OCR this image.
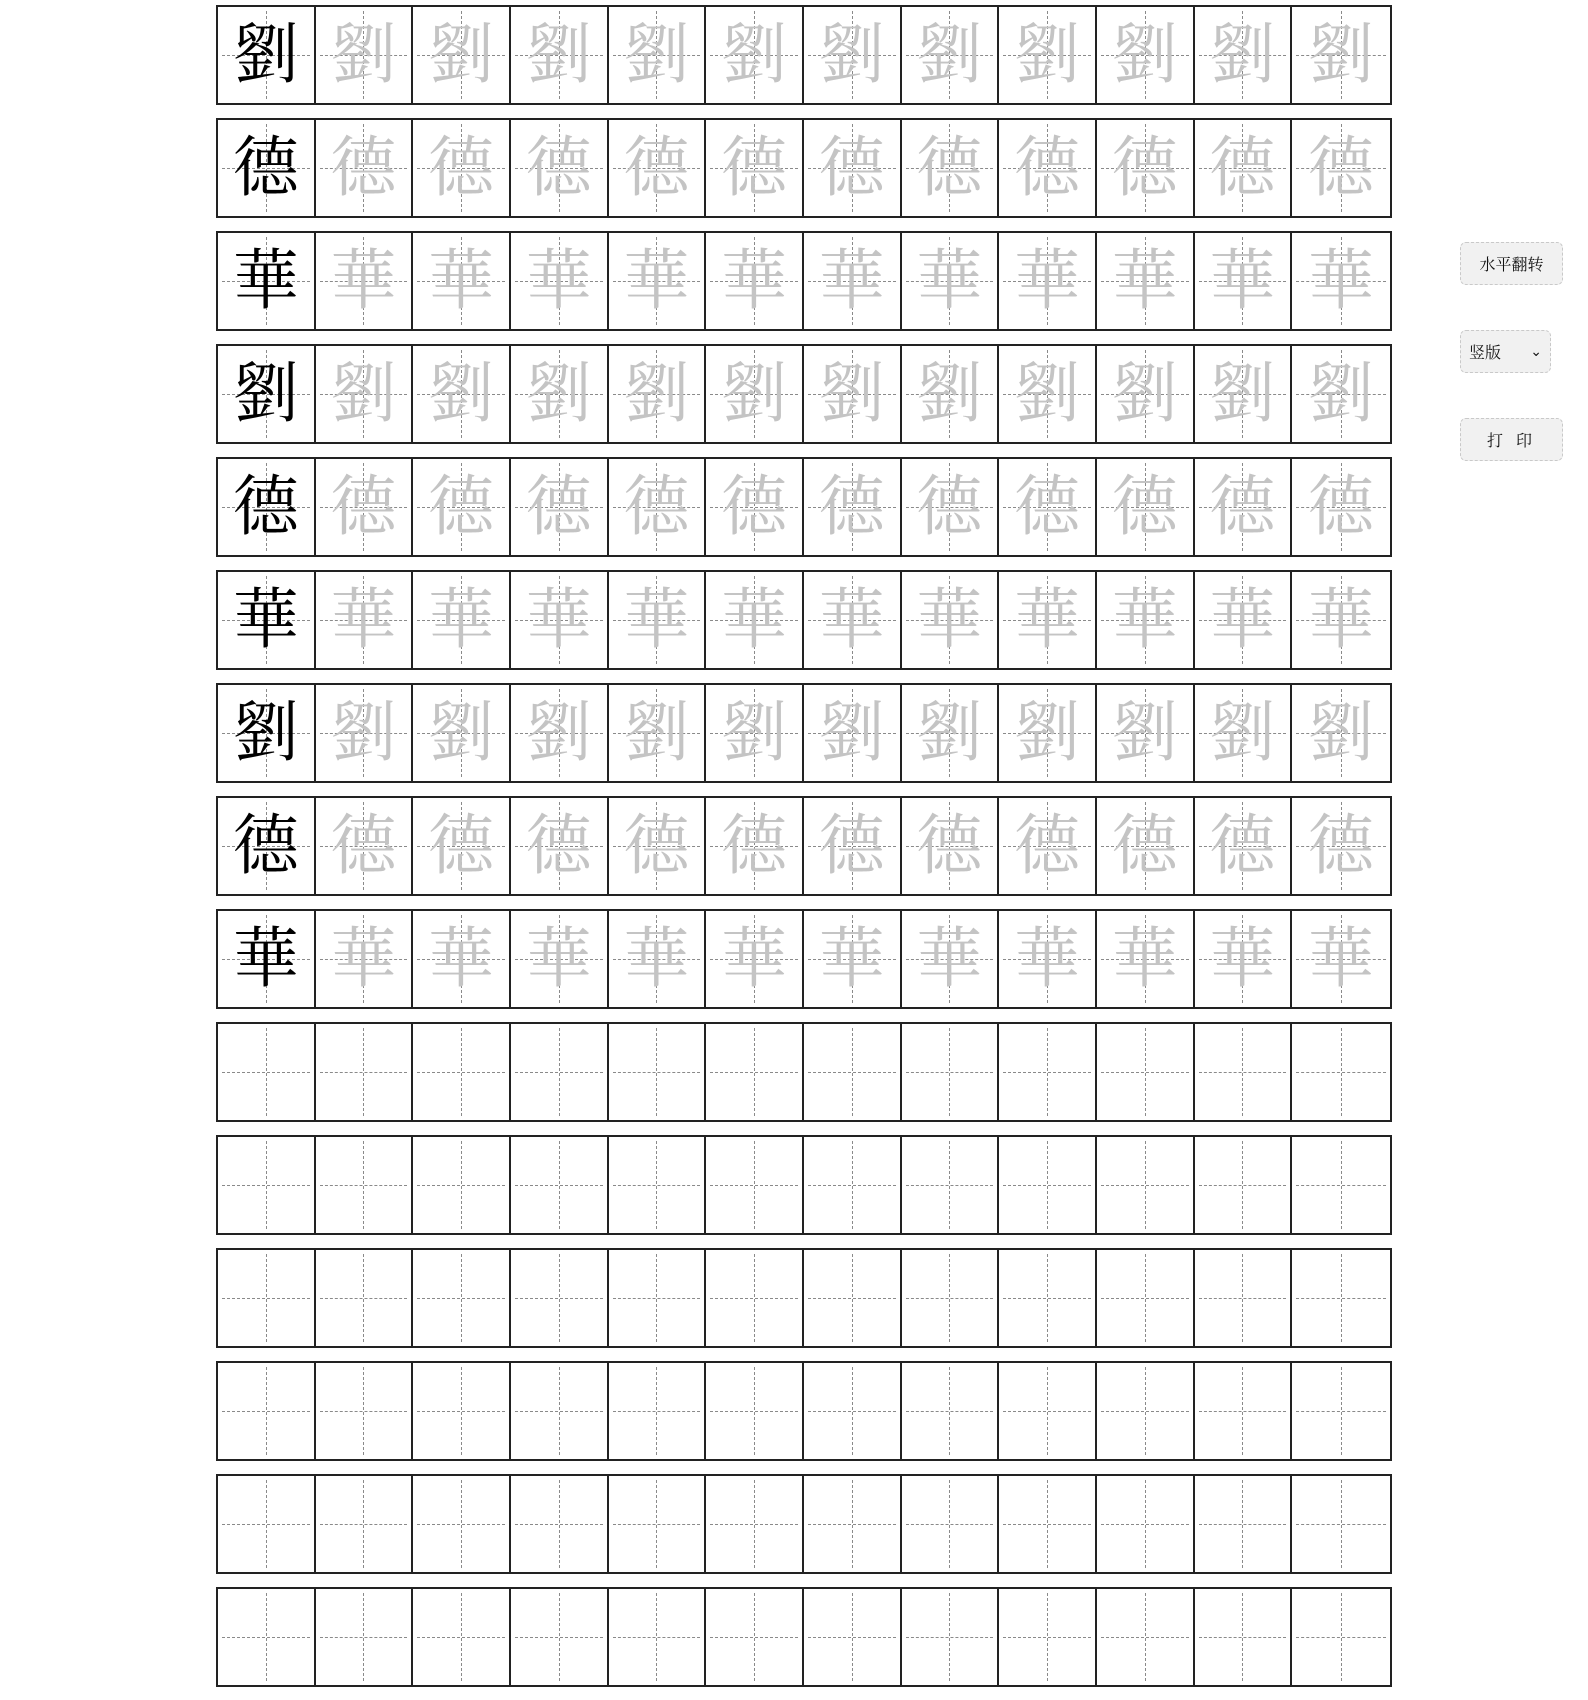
劉 劉 劉 劉 劉 劉 劉 劉 劉 劉 劉 劉
德 德 德 德 德 德 德 德 德 德 德 德
華 華 華 華 華 華 華 華 華 華 華 華
劉 劉 劉 劉 劉 劉 劉 劉 劉 劉 劉 劉
德 德 德 德 德 德 德 德 德 德 德 德
華 華 華 華 華 華 華 華 華 華 華 華
劉 劉 劉 劉 劉 劉 劉 劉 劉 劉 劉 劉
德 德 德 德 德 德 德 德 德 德 德 德
華 華 華 華 華 華 華 華 華 華 華 華
水平翻转
竖版 ⌄
打 印
